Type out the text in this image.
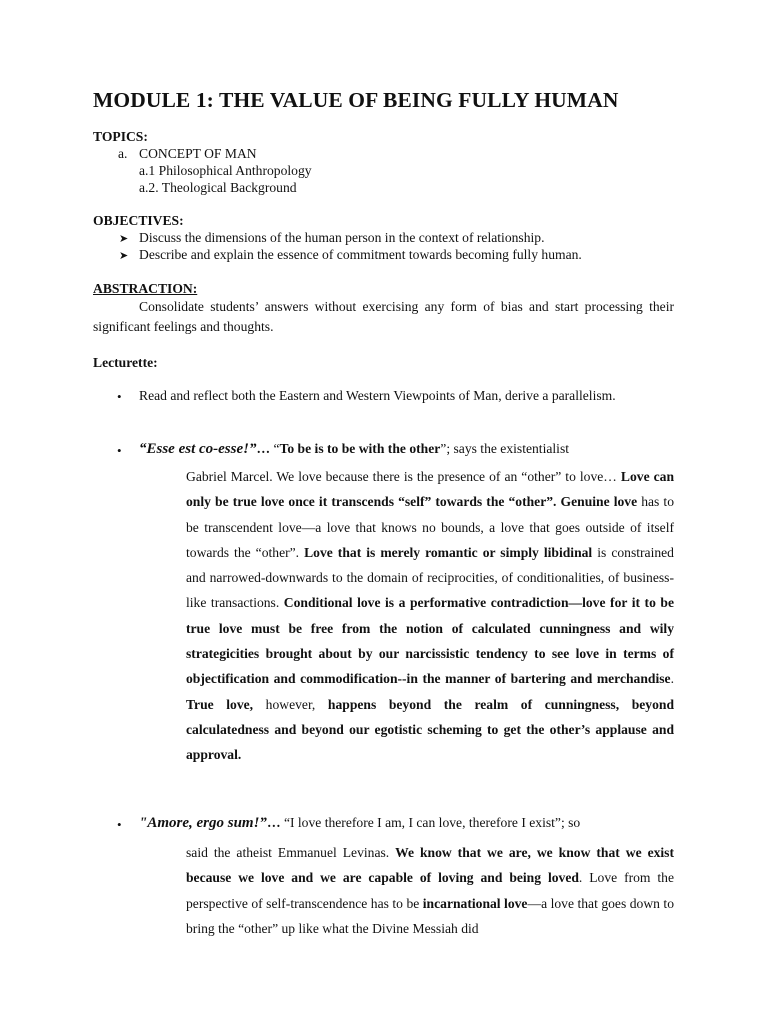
MODULE 1: THE VALUE OF BEING FULLY HUMAN
TOPICS:
a. CONCEPT OF MAN
a.1 Philosophical Anthropology
a.2. Theological Background
OBJECTIVES:
➤ Discuss the dimensions of the human person in the context of relationship.
➤ Describe and explain the essence of commitment towards becoming fully human.
ABSTRACTION:
Consolidate students’ answers without exercising any form of bias and start processing their significant feelings and thoughts.
Lecturette:
• Read and reflect both the Eastern and Western Viewpoints of Man, derive a parallelism.
• “Esse est co-esse!”… “To be is to be with the other”; says the existentialist
Gabriel Marcel. We love because there is the presence of an “other” to love… Love can only be true love once it transcends “self” towards the “other”. Genuine love has to be transcendent love—a love that knows no bounds, a love that goes outside of itself towards the “other”. Love that is merely romantic or simply libidinal is constrained and narrowed-downwards to the domain of reciprocities, of conditionalities, of business-like transactions. Conditional love is a performative contradiction—love for it to be true love must be free from the notion of calculated cunningness and wily strategicities brought about by our narcissistic tendency to see love in terms of objectification and commodification--in the manner of bartering and merchandise. True love, however, happens beyond the realm of cunningness, beyond calculatedness and beyond our egotistic scheming to get the other’s applause and approval.
• "Amore, ergo sum!”… “I love therefore I am, I can love, therefore I exist”; so
said the atheist Emmanuel Levinas. We know that we are, we know that we exist because we love and we are capable of loving and being loved. Love from the perspective of self-transcendence has to be incarnational love—a love that goes down to bring the “other” up like what the Divine Messiah did
